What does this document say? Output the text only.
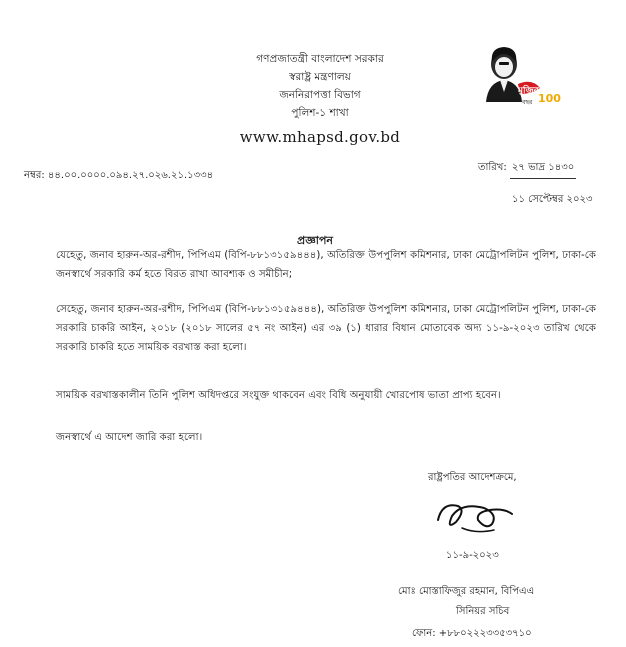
গণপ্রজাতন্ত্রী বাংলাদেশ সরকার
স্বরাষ্ট্র মন্ত্রণালয়
জননিরাপত্তা বিভাগ
পুলিশ-১ শাখা
www.mhapsd.gov.bd
মুজিব
100
বছর
নম্বর: ৪৪.০০.০০০০.০৯৪.২৭.০২৬.২১.১৩৩৪
তারিখ: ২৭ ভাদ্র ১৪৩০
১১ সেপ্টেম্বর ২০২৩
প্রজ্ঞাপন
যেহেতু, জনাব হারুন-অর-রশীদ, পিপিএম (বিপি-৮৮১৩১৫৯৪৪৪), অতিরিক্ত উপপুলিশ কমিশনার, ঢাকা মেট্রোপলিটন পুলিশ, ঢাকা-কে জনস্বার্থে সরকারি কর্ম হতে বিরত রাখা আবশ্যক ও সমীচীন;
সেহেতু, জনাব হারুন-অর-রশীদ, পিপিএম (বিপি-৮৮১৩১৫৯৪৪৪), অতিরিক্ত উপপুলিশ কমিশনার, ঢাকা মেট্রোপলিটন পুলিশ, ঢাকা-কে সরকারি চাকরি আইন, ২০১৮ (২০১৮ সালের ৫৭ নং আইন) এর ৩৯ (১) ধারার বিধান মোতাবেক অদ্য ১১-৯-২০২৩ তারিখ থেকে সরকারি চাকরি হতে সাময়িক বরখাস্ত করা হলো।
সাময়িক বরখাস্তকালীন তিনি পুলিশ অধিদপ্তরে সংযুক্ত থাকবেন এবং বিধি অনুযায়ী খোরপোষ ভাতা প্রাপ্য হবেন।
জনস্বার্থে এ আদেশ জারি করা হলো।
রাষ্ট্রপতির আদেশক্রমে,
১১-৯-২০২৩
মোঃ মোস্তাফিজুর রহমান, বিপিএএ
সিনিয়র সচিব
ফোন: +৮৮০২২২৩৩৫৩৭১০
